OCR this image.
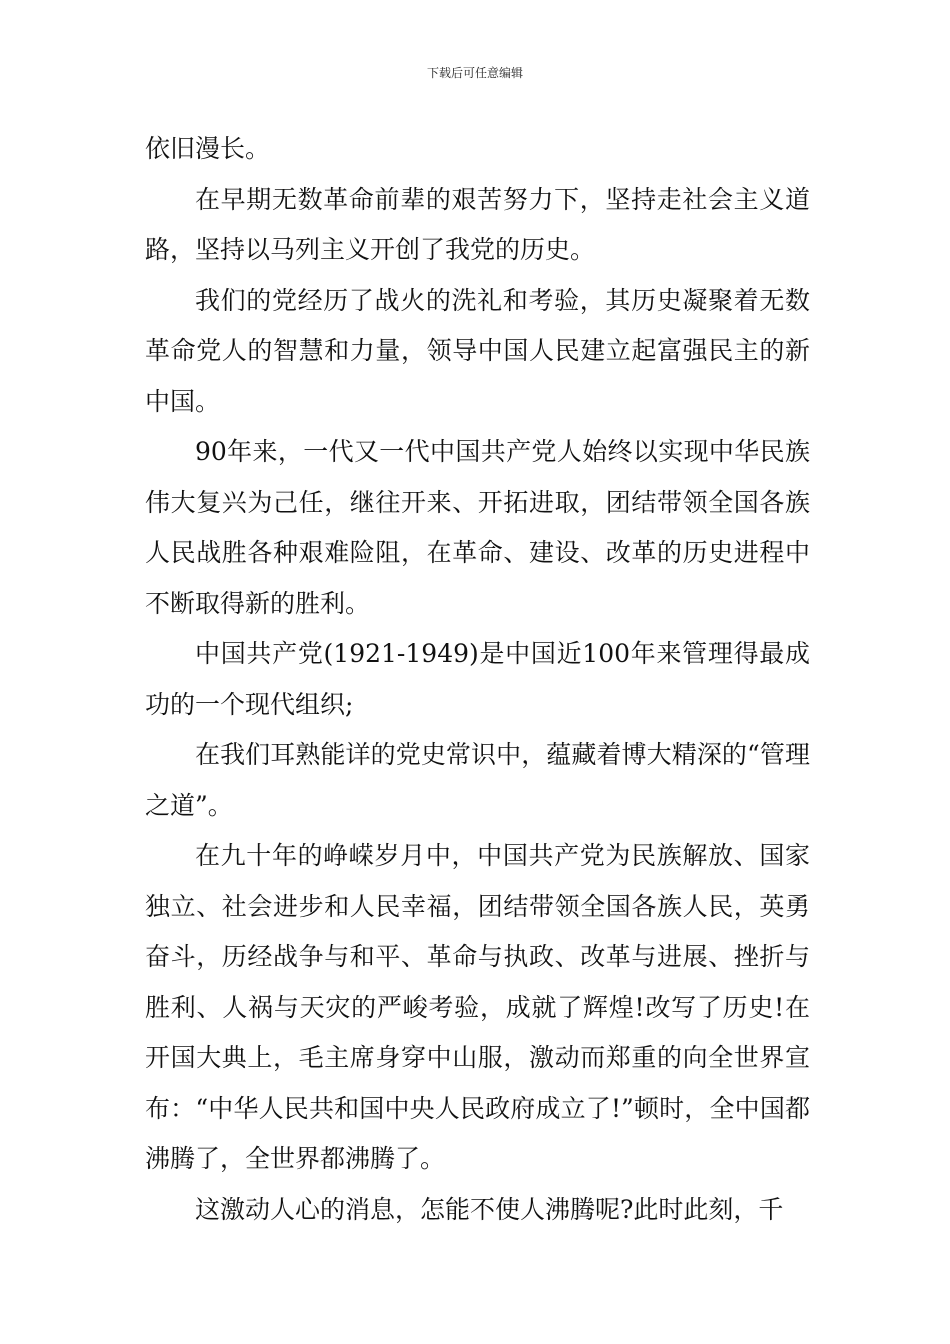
下载后可任意编辑

依旧漫长。

在早期无数革命前辈的艰苦努力下，坚持走社会主义道路，坚持以马列主义开创了我党的历史。

我们的党经历了战火的洗礼和考验，其历史凝聚着无数革命党人的智慧和力量，领导中国人民建立起富强民主的新中国。

90年来，一代又一代中国共产党人始终以实现中华民族伟大复兴为己任，继往开来、开拓进取，团结带领全国各族人民战胜各种艰难险阻，在革命、建设、改革的历史进程中不断取得新的胜利。

中国共产党(1921-1949)是中国近100年来管理得最成功的一个现代组织;

在我们耳熟能详的党史常识中，蕴藏着博大精深的“管理之道”。

在九十年的峥嵘岁月中，中国共产党为民族解放、国家独立、社会进步和人民幸福，团结带领全国各族人民，英勇奋斗，历经战争与和平、革命与执政、改革与进展、挫折与胜利、人祸与天灾的严峻考验，成就了辉煌!改写了历史!在开国大典上，毛主席身穿中山服，激动而郑重的向全世界宣布：“中华人民共和国中央人民政府成立了!”顿时，全中国都沸腾了，全世界都沸腾了。

这激动人心的消息，怎能不使人沸腾呢?此时此刻，千
